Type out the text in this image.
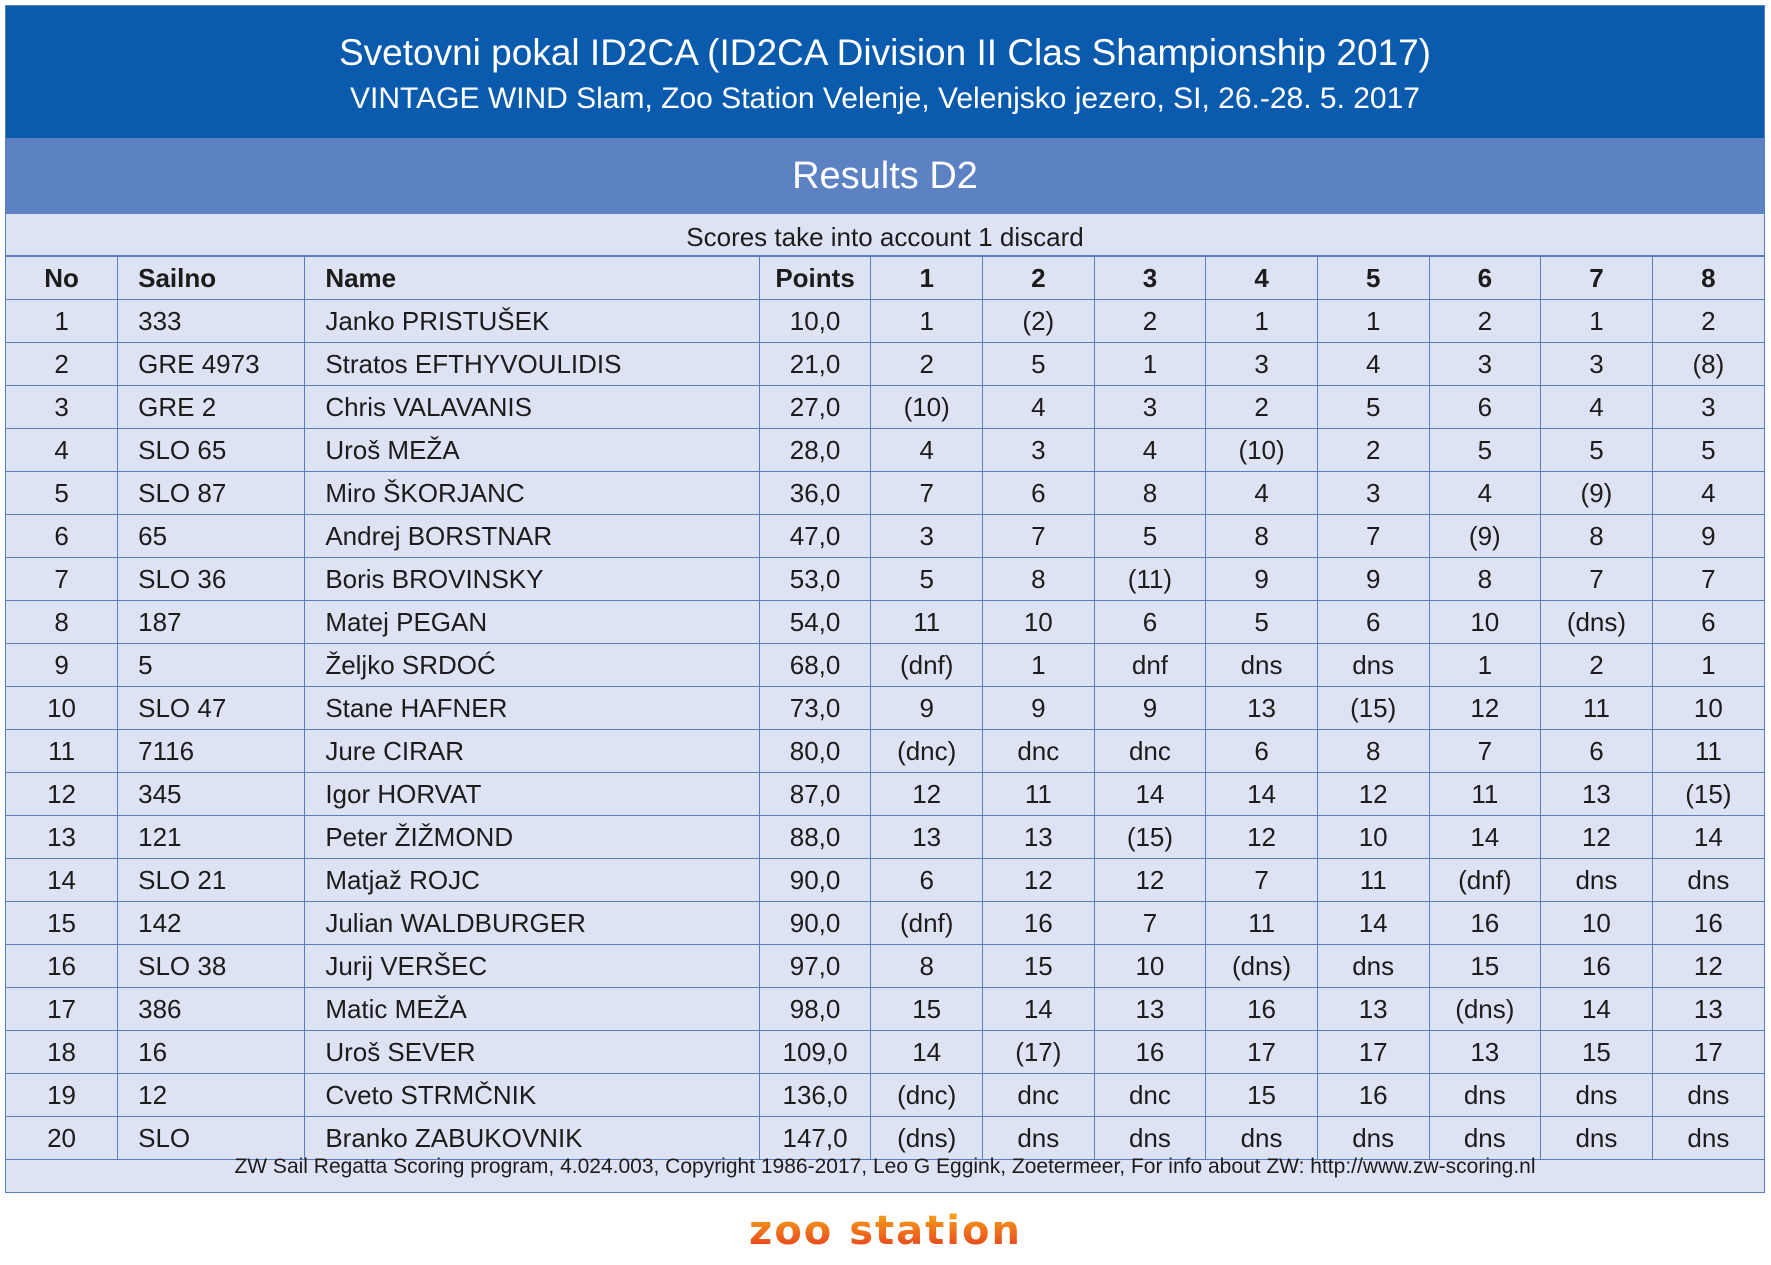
Svetovni pokal ID2CA (ID2CA Division II Clas Shampionship 2017)
VINTAGE WIND Slam, Zoo Station Velenje, Velenjsko jezero, SI, 26.-28. 5. 2017
Results D2
Scores take into account 1 discard
No	Sailno	Name	Points	1	2	3	4	5	6	7	8
1	333	Janko PRISTUŠEK	10,0	1	(2)	2	1	1	2	1	2
2	GRE 4973	Stratos EFTHYVOULIDIS	21,0	2	5	1	3	4	3	3	(8)
3	GRE 2	Chris VALAVANIS	27,0	(10)	4	3	2	5	6	4	3
4	SLO 65	Uroš MEŽA	28,0	4	3	4	(10)	2	5	5	5
5	SLO 87	Miro ŠKORJANC	36,0	7	6	8	4	3	4	(9)	4
6	65	Andrej BORSTNAR	47,0	3	7	5	8	7	(9)	8	9
7	SLO 36	Boris BROVINSKY	53,0	5	8	(11)	9	9	8	7	7
8	187	Matej PEGAN	54,0	11	10	6	5	6	10	(dns)	6
9	5	Željko SRDOĆ	68,0	(dnf)	1	dnf	dns	dns	1	2	1
10	SLO 47	Stane HAFNER	73,0	9	9	9	13	(15)	12	11	10
11	7116	Jure CIRAR	80,0	(dnc)	dnc	dnc	6	8	7	6	11
12	345	Igor HORVAT	87,0	12	11	14	14	12	11	13	(15)
13	121	Peter ŽIŽMOND	88,0	13	13	(15)	12	10	14	12	14
14	SLO 21	Matjaž ROJC	90,0	6	12	12	7	11	(dnf)	dns	dns
15	142	Julian WALDBURGER	90,0	(dnf)	16	7	11	14	16	10	16
16	SLO 38	Jurij VERŠEC	97,0	8	15	10	(dns)	dns	15	16	12
17	386	Matic MEŽA	98,0	15	14	13	16	13	(dns)	14	13
18	16	Uroš SEVER	109,0	14	(17)	16	17	17	13	15	17
19	12	Cveto STRMČNIK	136,0	(dnc)	dnc	dnc	15	16	dns	dns	dns
20	SLO	Branko ZABUKOVNIK	147,0	(dns)	dns	dns	dns	dns	dns	dns	dns
ZW Sail Regatta Scoring program, 4.024.003, Copyright 1986-2017, Leo G Eggink, Zoetermeer, For info about ZW: http://www.zw-scoring.nl
zoo station
